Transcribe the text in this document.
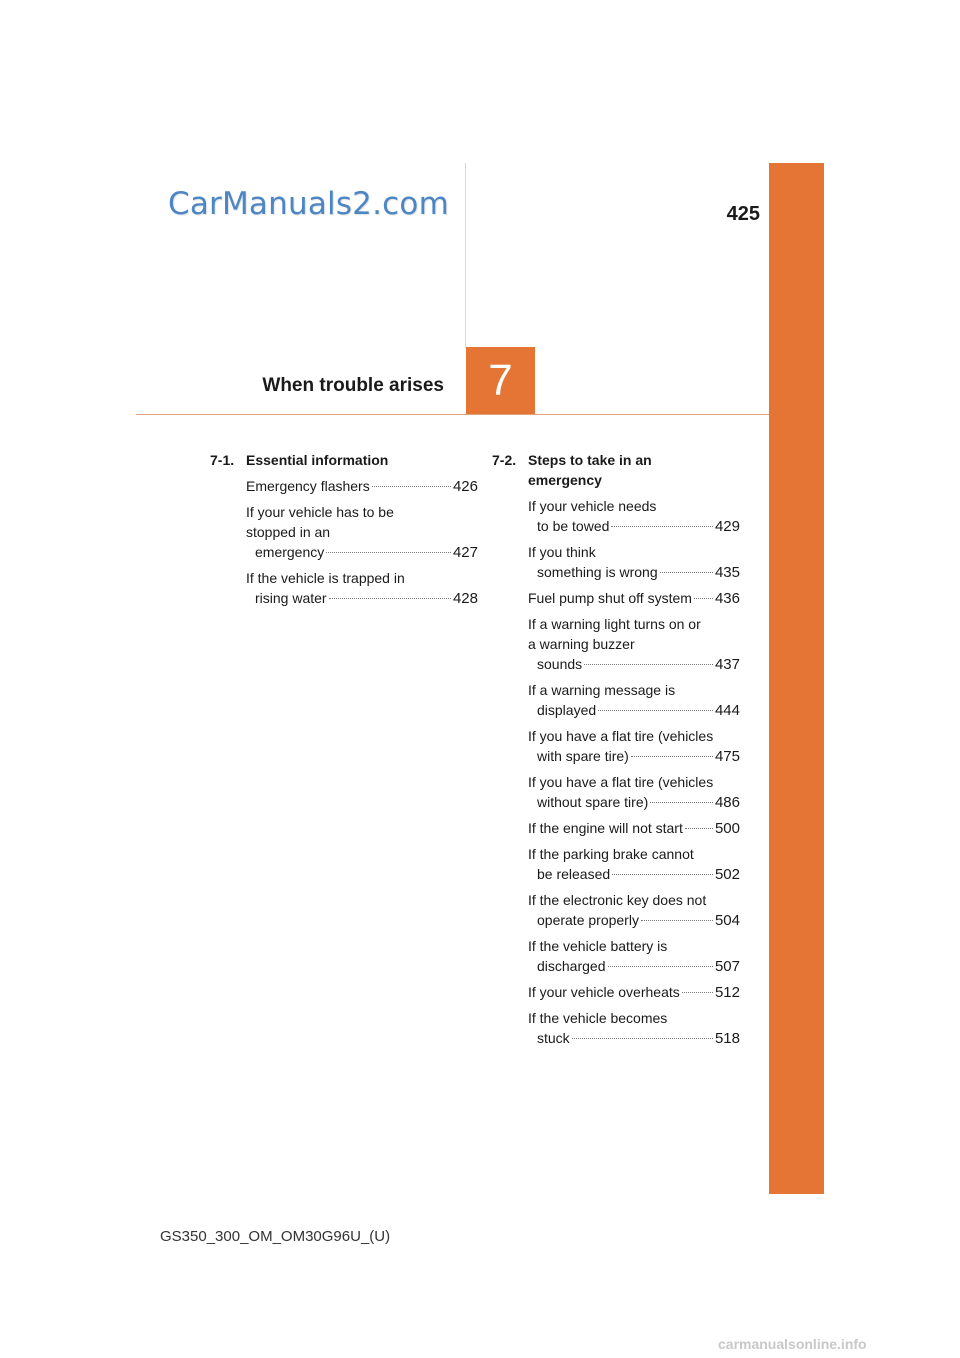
CarManuals2.com	425
When trouble arises	7
7-1. Essential information
Emergency flashers	426
If your vehicle has to be
stopped in an
emergency	427
If the vehicle is trapped in
rising water	428
7-2. Steps to take in an
emergency
If your vehicle needs
to be towed	429
If you think
something is wrong	435
Fuel pump shut off system 436
If a warning light turns on or
a warning buzzer
sounds	437
If a warning message is
displayed	444
If you have a flat tire (vehicles
with spare tire)	475
If you have a flat tire (vehicles
without spare tire)	486
If the engine will not start 500
If the parking brake cannot
be released	502
If the electronic key does not
operate properly	504
If the vehicle battery is
discharged	507
If your vehicle overheats 512
If the vehicle becomes
stuck	518
GS350_300_OM_OM30G96U_(U)
carmanualsonline.info
